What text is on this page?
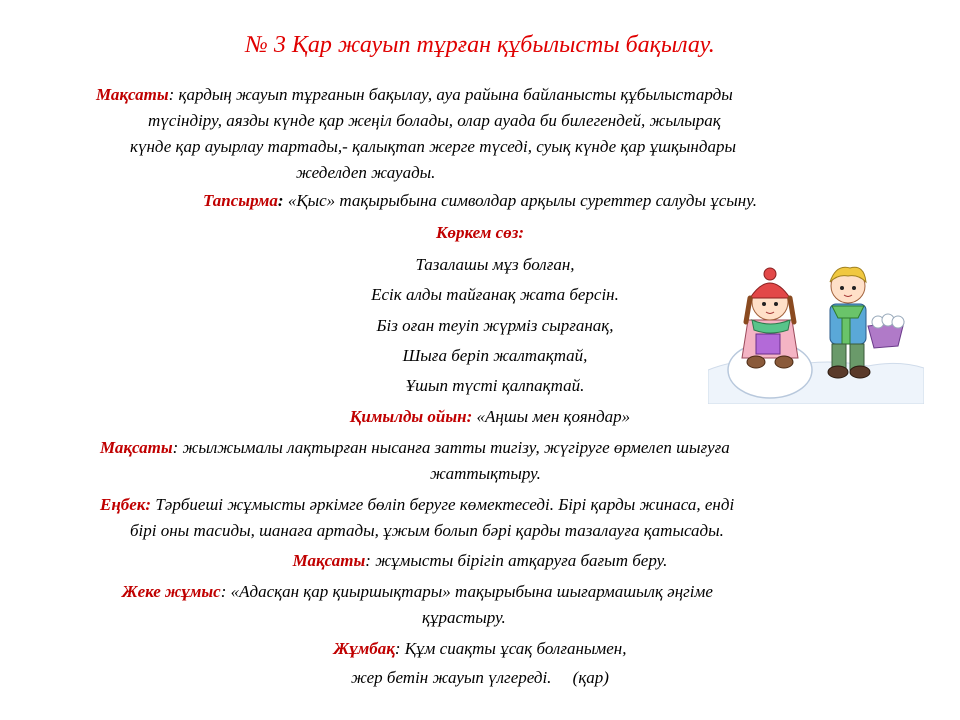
№ 3 Қар жауып тұрған құбылысты бақылау.
Мақсаты: қардың жауып тұрғанын бақылау, ауа райына байланысты құбылыстарды
түсіндіру, аязды күнде қар жеңіл болады, олар ауада би билегендей, жылырақ
күнде қар ауырлау тартады,- қалықтап жерге түседі, суық күнде қар ұшқындары
жеделдеп жауады.
Тапсырма: «Қыс» тақырыбына символдар арқылы суреттер салуды ұсыну.
Көркем сөз:
Тазалашы мұз болған,
Есік алды тайғанақ жата берсін.
Біз оған теуіп жүрміз сырғанақ,
Шыға беріп жалтақтай,
Ұшып түсті қалпақтай.
Қимылды ойын: «Аңшы мен қояндар»
Мақсаты: жылжымалы лақтырған нысанға затты тигізу, жүгіруге өрмелеп шығуға
жаттықтыру.
Еңбек: Тәрбиеші жұмысты әркімге бөліп беруге көмектеседі. Бірі қарды жинаса, енді
бірі оны тасиды, шанаға артады, ұжым болып бәрі қарды тазалауға қатысады.
Мақсаты: жұмысты бірігіп атқаруға бағыт беру.
Жеке жұмыс: «Адасқан қар қиыршықтары» тақырыбына шығармашылқ әңгіме
құрастыру.
Жұмбақ: Құм сиақты ұсақ болғанымен,
жер бетін жауып үлгереді.     (қар)
